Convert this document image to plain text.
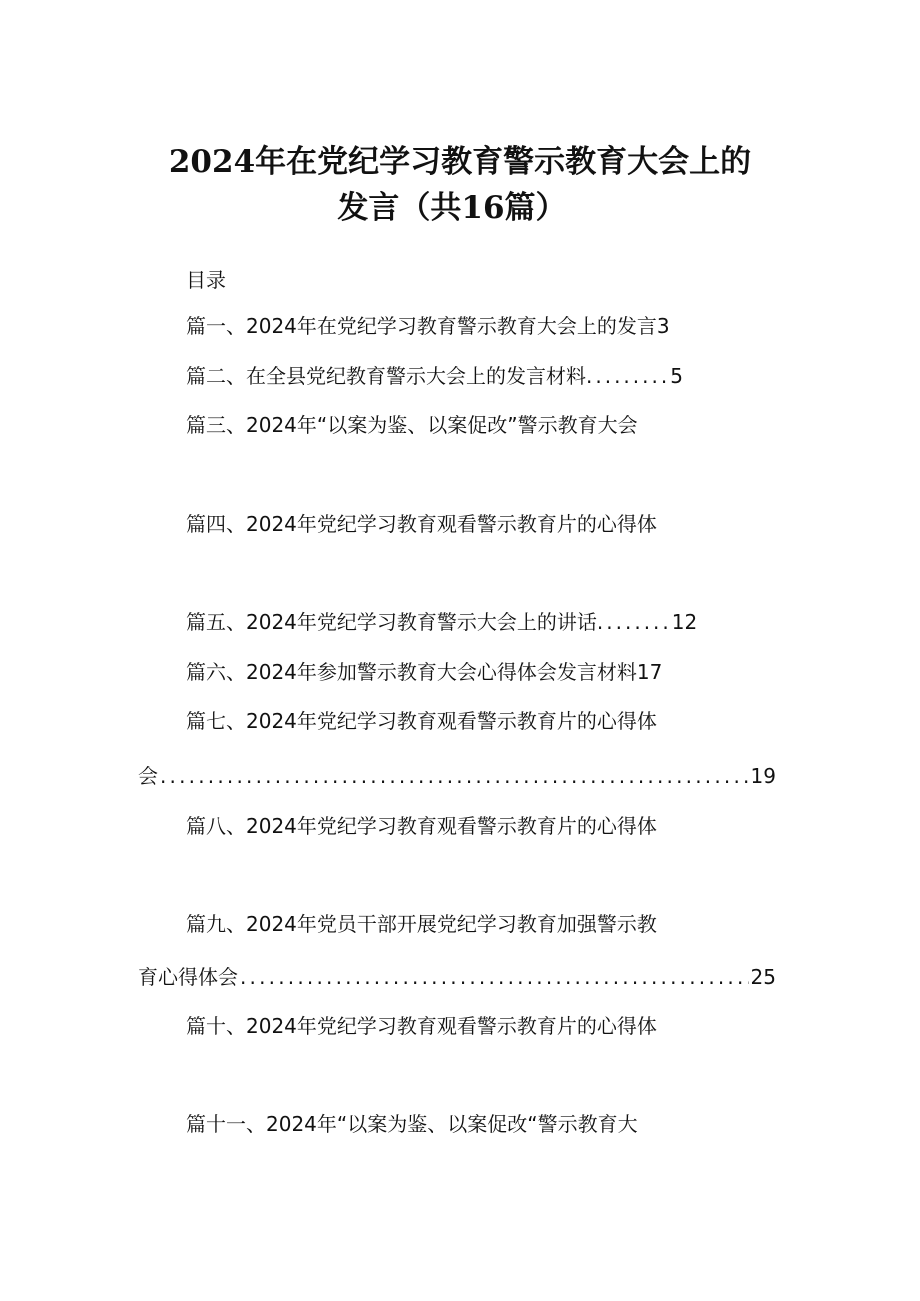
2024年在党纪学习教育警示教育大会上的
发言（共16篇）
目录
篇一、2024年在党纪学习教育警示教育大会上的发言3
篇二、在全县党纪教育警示大会上的发言材料.........5
篇三、2024年“以案为鉴、以案促改”警示教育大会
篇四、2024年党纪学习教育观看警示教育片的心得体
篇五、2024年党纪学习教育警示大会上的讲话........12
篇六、2024年参加警示教育大会心得体会发言材料17
篇七、2024年党纪学习教育观看警示教育片的心得体
会 .....	19
篇八、2024年党纪学习教育观看警示教育片的心得体
篇九、2024年党员干部开展党纪学习教育加强警示教
育心得体会 .....	25
篇十、2024年党纪学习教育观看警示教育片的心得体
篇十一、2024年“以案为鉴、以案促改“警示教育大
